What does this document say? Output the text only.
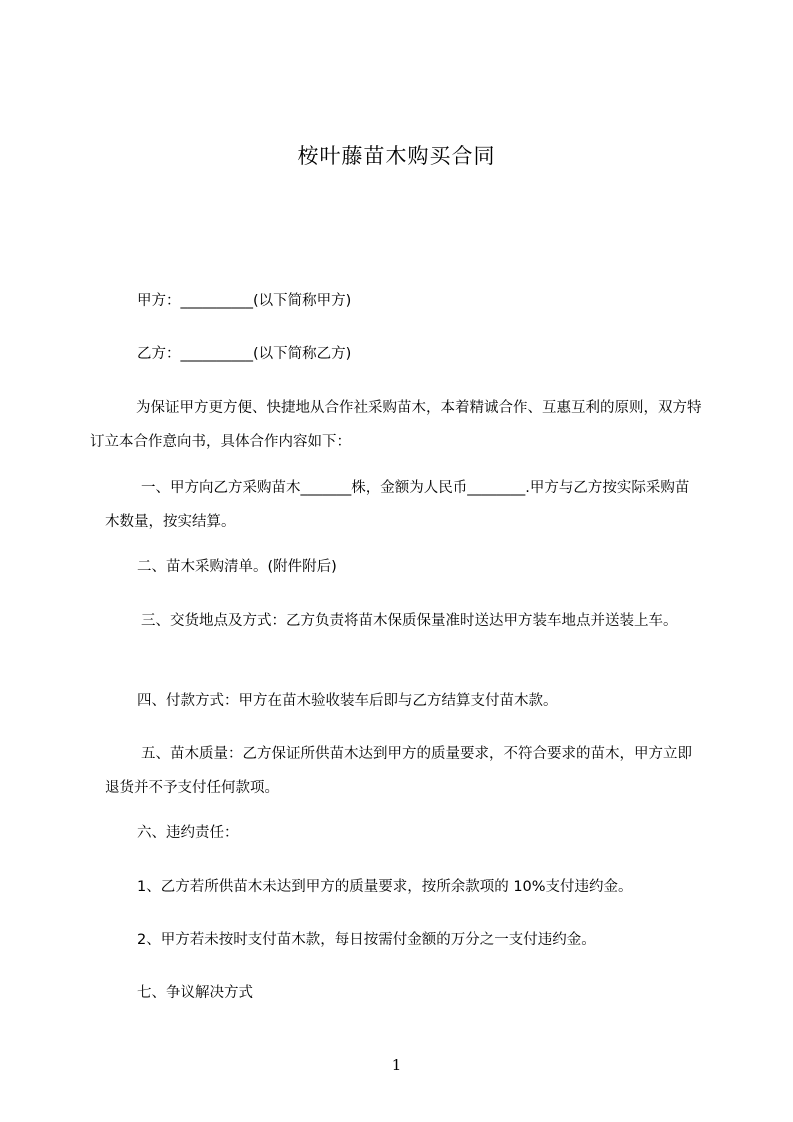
桉叶藤苗木购买合同

甲方：__________(以下简称甲方)

乙方：__________(以下简称乙方)

为保证甲方更方便、快捷地从合作社采购苗木，本着精诚合作、互惠互利的原则，双方特订立本合作意向书，具体合作内容如下：

一、甲方向乙方采购苗木_______株，金额为人民币________.甲方与乙方按实际采购苗木数量，按实结算。

二、苗木采购清单。(附件附后)

三、交货地点及方式：乙方负责将苗木保质保量准时送达甲方装车地点并送装上车。

四、付款方式：甲方在苗木验收装车后即与乙方结算支付苗木款。

五、苗木质量：乙方保证所供苗木达到甲方的质量要求，不符合要求的苗木，甲方立即退货并不予支付任何款项。

六、违约责任：

1、乙方若所供苗木未达到甲方的质量要求，按所余款项的 10%支付违约金。

2、甲方若未按时支付苗木款，每日按需付金额的万分之一支付违约金。

七、争议解决方式

1
